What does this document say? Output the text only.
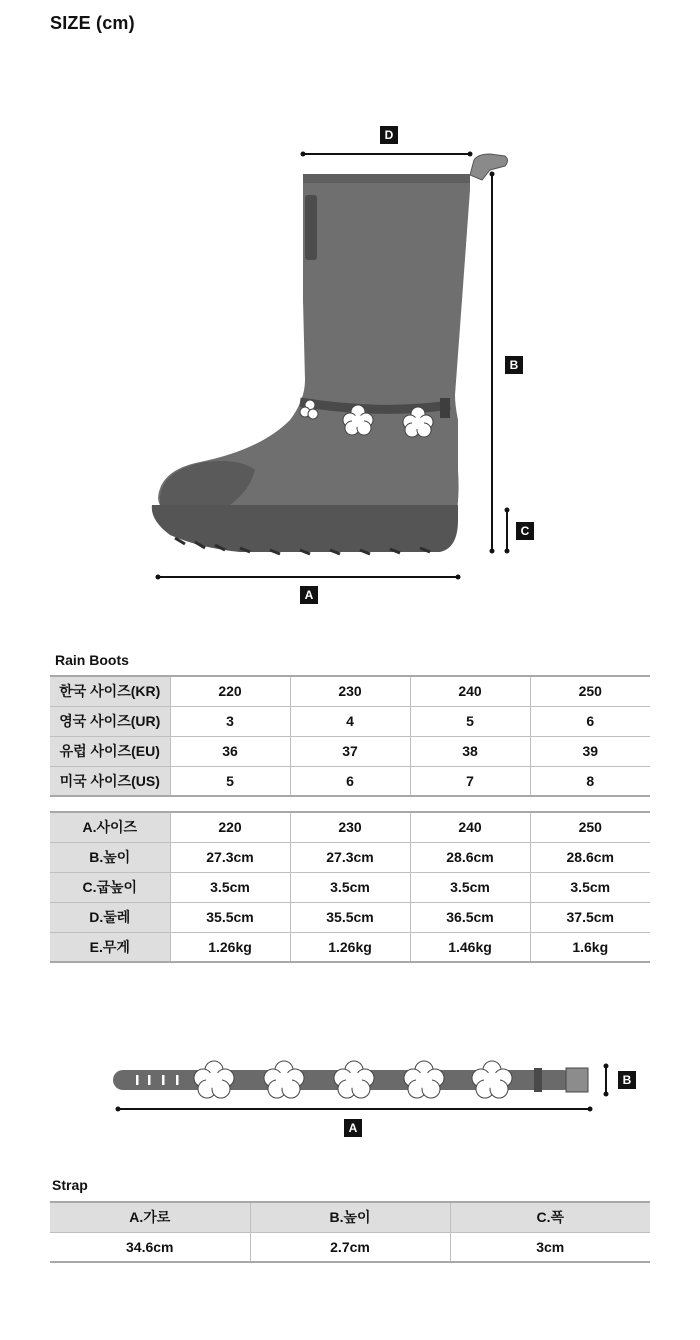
SIZE (cm)
D
B
C
A
Rain Boots
한국 사이즈(KR)	220	230	240	250
영국 사이즈(UR)	3	4	5	6
유럽 사이즈(EU)	36	37	38	39
미국 사이즈(US)	5	6	7	8
A.사이즈	220	230	240	250
B.높이	27.3cm	27.3cm	28.6cm	28.6cm
C.굽높이	3.5cm	3.5cm	3.5cm	3.5cm
D.둘레	35.5cm	35.5cm	36.5cm	37.5cm
E.무게	1.26kg	1.26kg	1.46kg	1.6kg
B
A
Strap
A.가로	B.높이	C.폭
34.6cm	2.7cm	3cm
